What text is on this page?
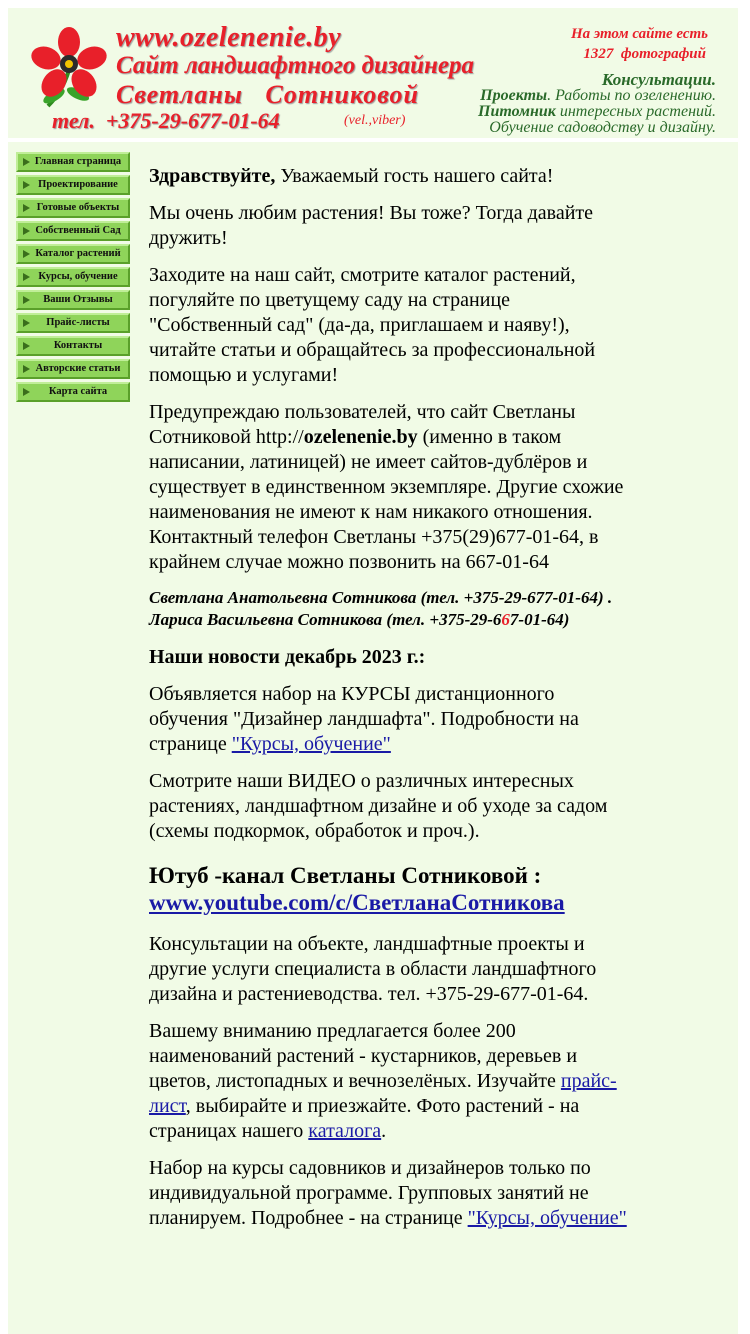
www.ozelenenie.by
Сайт ландшафтного дизайнера
Светланы   Сотниковой
тел.  +375-29-677-01-64	(vel.,viber)
На этом сайте есть
1327 фотографий
Консультации.
Проекты. Работы по озеленению.
Питомник интересных растений.
Обучение садоводству и дизайну.
Главная страница
Проектирование
Готовые объекты
Собственный Сад
Каталог растений
Курсы, обучение
Ваши Отзывы
Прайс-листы
Контакты
Авторские статьи
Карта сайта

Здравствуйте, Уважаемый гость нашего сайта!

Мы очень любим растения! Вы тоже? Тогда давайте дружить!

Заходите на наш сайт, смотрите каталог растений, погуляйте по цветущему саду на странице "Собственный сад" (да-да, приглашаем и наяву!), читайте статьи и обращайтесь за профессиональной помощью и услугами!

Предупреждаю пользователей, что сайт Светланы Сотниковой http://ozelenenie.by (именно в таком написании, латиницей) не имеет сайтов-дублёров и существует в единственном экземпляре. Другие схожие наименования не имеют к нам никакого отношения. Контактный телефон Светланы +375(29)677-01-64, в крайнем случае можно позвонить на 667-01-64

Светлана Анатольевна Сотникова (тел. +375-29-677-01-64) .
Лариса Васильевна Сотникова (тел. +375-29-667-01-64)

Наши новости декабрь 2023 г.:

Объявляется набор на КУРСЫ дистанционного обучения "Дизайнер ландшафта". Подробности на странице "Курсы, обучение"

Смотрите наши ВИДЕО о различных интересных растениях, ландшафтном дизайне и об уходе за садом (схемы подкормок, обработок и проч.).

Ютуб -канал Светланы Сотниковой :
www.youtube.com/c/СветланаСотникова

Консультации на объекте, ландшафтные проекты и другие услуги специалиста в области ландшафтного дизайна и растениеводства. тел. +375-29-677-01-64.

Вашему вниманию предлагается более 200 наименований растений - кустарников, деревьев и цветов, листопадных и вечнозелёных. Изучайте прайс-лист, выбирайте и приезжайте. Фото растений - на страницах нашего каталога.

Набор на курсы садовников и дизайнеров только по индивидуальной программе. Групповых занятий не планируем. Подробнее - на странице "Курсы, обучение"
